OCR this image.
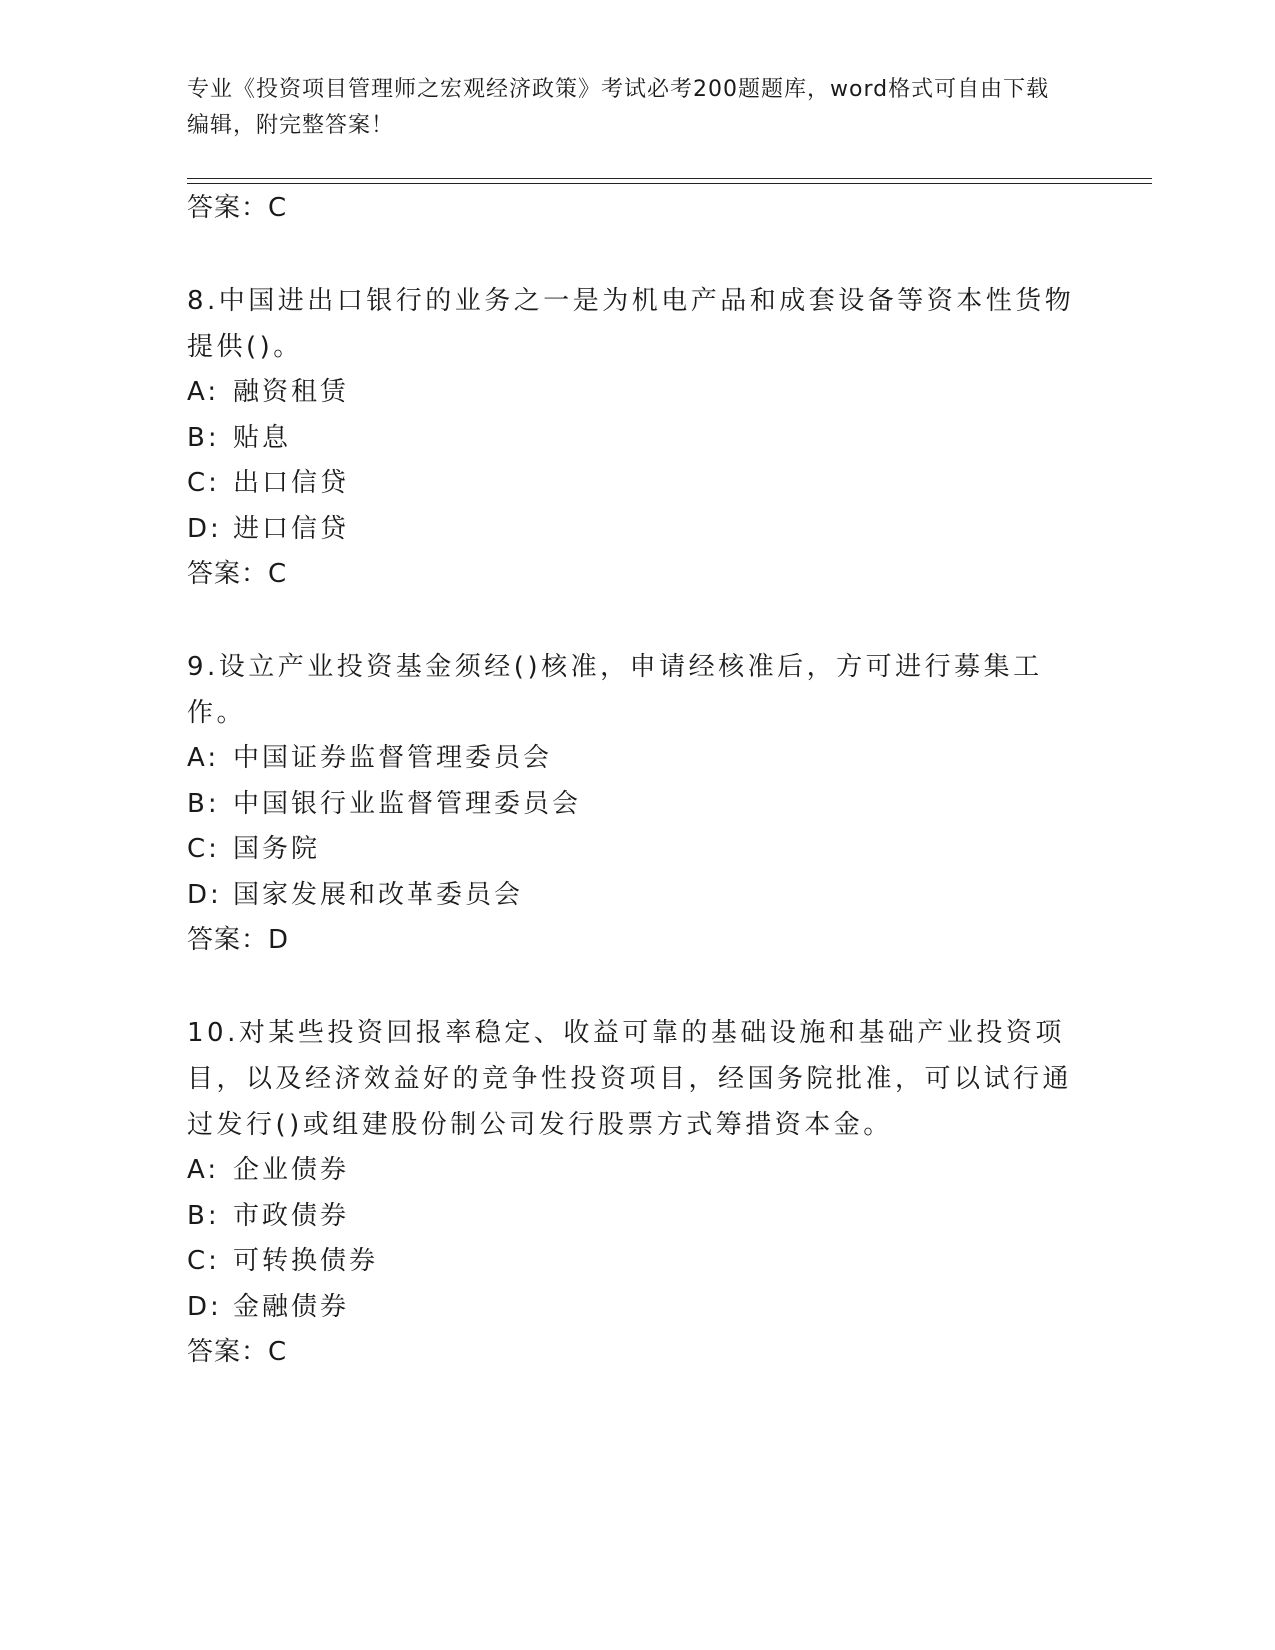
专业《投资项目管理师之宏观经济政策》考试必考200题题库，word格式可自由下载编辑，附完整答案！
答案：C
8.中国进出口银行的业务之一是为机电产品和成套设备等资本性货物提供()。
A: 融资租赁
B: 贴息
C: 出口信贷
D: 进口信贷
答案：C
9.设立产业投资基金须经()核准，申请经核准后，方可进行募集工作。
A: 中国证券监督管理委员会
B: 中国银行业监督管理委员会
C: 国务院
D: 国家发展和改革委员会
答案：D
10.对某些投资回报率稳定、收益可靠的基础设施和基础产业投资项目，以及经济效益好的竞争性投资项目，经国务院批准，可以试行通过发行()或组建股份制公司发行股票方式筹措资本金。
A: 企业债券
B: 市政债券
C: 可转换债券
D: 金融债券
答案：C
